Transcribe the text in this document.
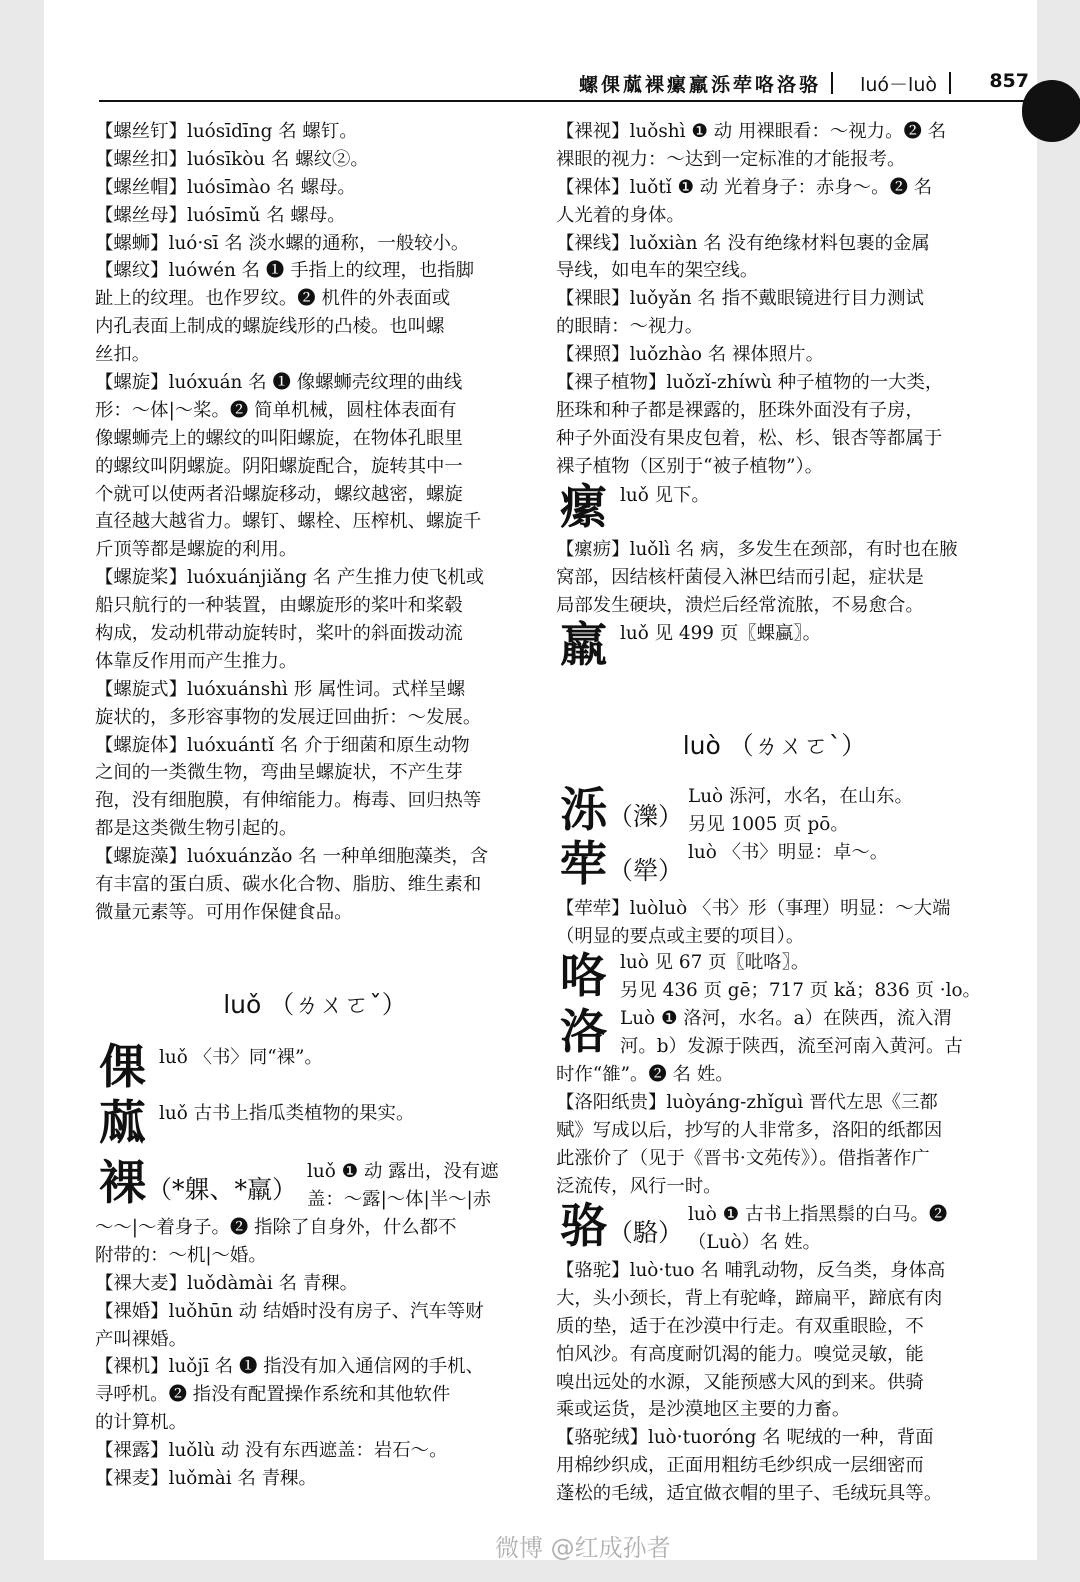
螺倮蓏裸瘰羸泺荦咯洛骆 luó－luò	857
【螺丝钉】luósīdīng 名 螺钉。
【螺丝扣】luósīkòu 名 螺纹②。
【螺丝帽】luósīmào 名 螺母。
【螺丝母】luósīmǔ 名 螺母。
【螺蛳】luó·sī 名 淡水螺的通称，一般较小。
【螺纹】luówén 名 ❶ 手指上的纹理，也指脚
趾上的纹理。也作罗纹。❷ 机件的外表面或
内孔表面上制成的螺旋线形的凸棱。也叫螺
丝扣。
【螺旋】luóxuán 名 ❶ 像螺蛳壳纹理的曲线
形：～体|～桨。❷ 简单机械，圆柱体表面有
像螺蛳壳上的螺纹的叫阳螺旋，在物体孔眼里
的螺纹叫阴螺旋。阴阳螺旋配合，旋转其中一
个就可以使两者沿螺旋移动，螺纹越密，螺旋
直径越大越省力。螺钉、螺栓、压榨机、螺旋千
斤顶等都是螺旋的利用。
【螺旋桨】luóxuánjiǎng 名 产生推力使飞机或
船只航行的一种装置，由螺旋形的桨叶和桨毂
构成，发动机带动旋转时，桨叶的斜面拨动流
体靠反作用而产生推力。
【螺旋式】luóxuánshì 形 属性词。式样呈螺
旋状的，多形容事物的发展迂回曲折：～发展。
【螺旋体】luóxuántǐ 名 介于细菌和原生动物
之间的一类微生物，弯曲呈螺旋状，不产生芽
孢，没有细胞膜，有伸缩能力。梅毒、回归热等
都是这类微生物引起的。
【螺旋藻】luóxuánzǎo 名 一种单细胞藻类，含
有丰富的蛋白质、碳水化合物、脂肪、维生素和
微量元素等。可用作保健食品。
luǒ （ㄌㄨㄛˇ）
倮 luǒ 〈书〉同“裸”。
蓏 luǒ 古书上指瓜类植物的果实。
裸 （*躶、*羸）
luǒ ❶ 动 露出，没有遮
盖：～露|～体|半～|赤
～～|～着身子。❷ 指除了自身外，什么都不
附带的：～机|～婚。
【裸大麦】luǒdàmài 名 青稞。
【裸婚】luǒhūn 动 结婚时没有房子、汽车等财
产叫裸婚。
【裸机】luǒjī 名 ❶ 指没有加入通信网的手机、
寻呼机。❷ 指没有配置操作系统和其他软件
的计算机。
【裸露】luǒlù 动 没有东西遮盖：岩石～。
【裸麦】luǒmài 名 青稞。
【裸视】luǒshì ❶ 动 用裸眼看：～视力。❷ 名
裸眼的视力：～达到一定标准的才能报考。
【裸体】luǒtǐ ❶ 动 光着身子：赤身～。❷ 名
人光着的身体。
【裸线】luǒxiàn 名 没有绝缘材料包裹的金属
导线，如电车的架空线。
【裸眼】luǒyǎn 名 指不戴眼镜进行目力测试
的眼睛：～视力。
【裸照】luǒzhào 名 裸体照片。
【裸子植物】luǒzǐ-zhíwù 种子植物的一大类，
胚珠和种子都是裸露的，胚珠外面没有子房，
种子外面没有果皮包着，松、杉、银杏等都属于
裸子植物（区别于“被子植物”）。
瘰 luǒ 见下。
【瘰疬】luǒlì 名 病，多发生在颈部，有时也在腋
窝部，因结核杆菌侵入淋巴结而引起，症状是
局部发生硬块，溃烂后经常流脓，不易愈合。
羸 luǒ 见 499 页〖蜾蠃〗。
luò （ㄌㄨㄛˋ）
泺 （濼）
Luò 泺河，水名，在山东。
另见 1005 页 pō。
荦 （犖）
luò 〈书〉明显：卓～。
【荦荦】luòluò 〈书〉形（事理）明显：～大端
（明显的要点或主要的项目）。
咯 luò 见 67 页〖吡咯〗。
另见 436 页 gē；717 页 kǎ；836 页 ·lo。
洛 Luò ❶ 洛河，水名。a）在陕西，流入渭
河。b）发源于陕西，流至河南入黄河。古
时作“雒”。❷ 名 姓。
【洛阳纸贵】luòyáng-zhǐguì 晋代左思《三都
赋》写成以后，抄写的人非常多，洛阳的纸都因
此涨价了（见于《晋书·文苑传》）。借指著作广
泛流传，风行一时。
骆 （駱）
luò ❶ 古书上指黑鬃的白马。❷
（Luò）名 姓。
【骆驼】luò·tuo 名 哺乳动物，反刍类，身体高
大，头小颈长，背上有驼峰，蹄扁平，蹄底有肉
质的垫，适于在沙漠中行走。有双重眼睑，不
怕风沙。有高度耐饥渴的能力。嗅觉灵敏，能
嗅出远处的水源，又能预感大风的到来。供骑
乘或运货，是沙漠地区主要的力畜。
【骆驼绒】luò·tuoróng 名 呢绒的一种，背面
用棉纱织成，正面用粗纺毛纱织成一层细密而
蓬松的毛绒，适宜做衣帽的里子、毛绒玩具等。
微博 @红成孙者
